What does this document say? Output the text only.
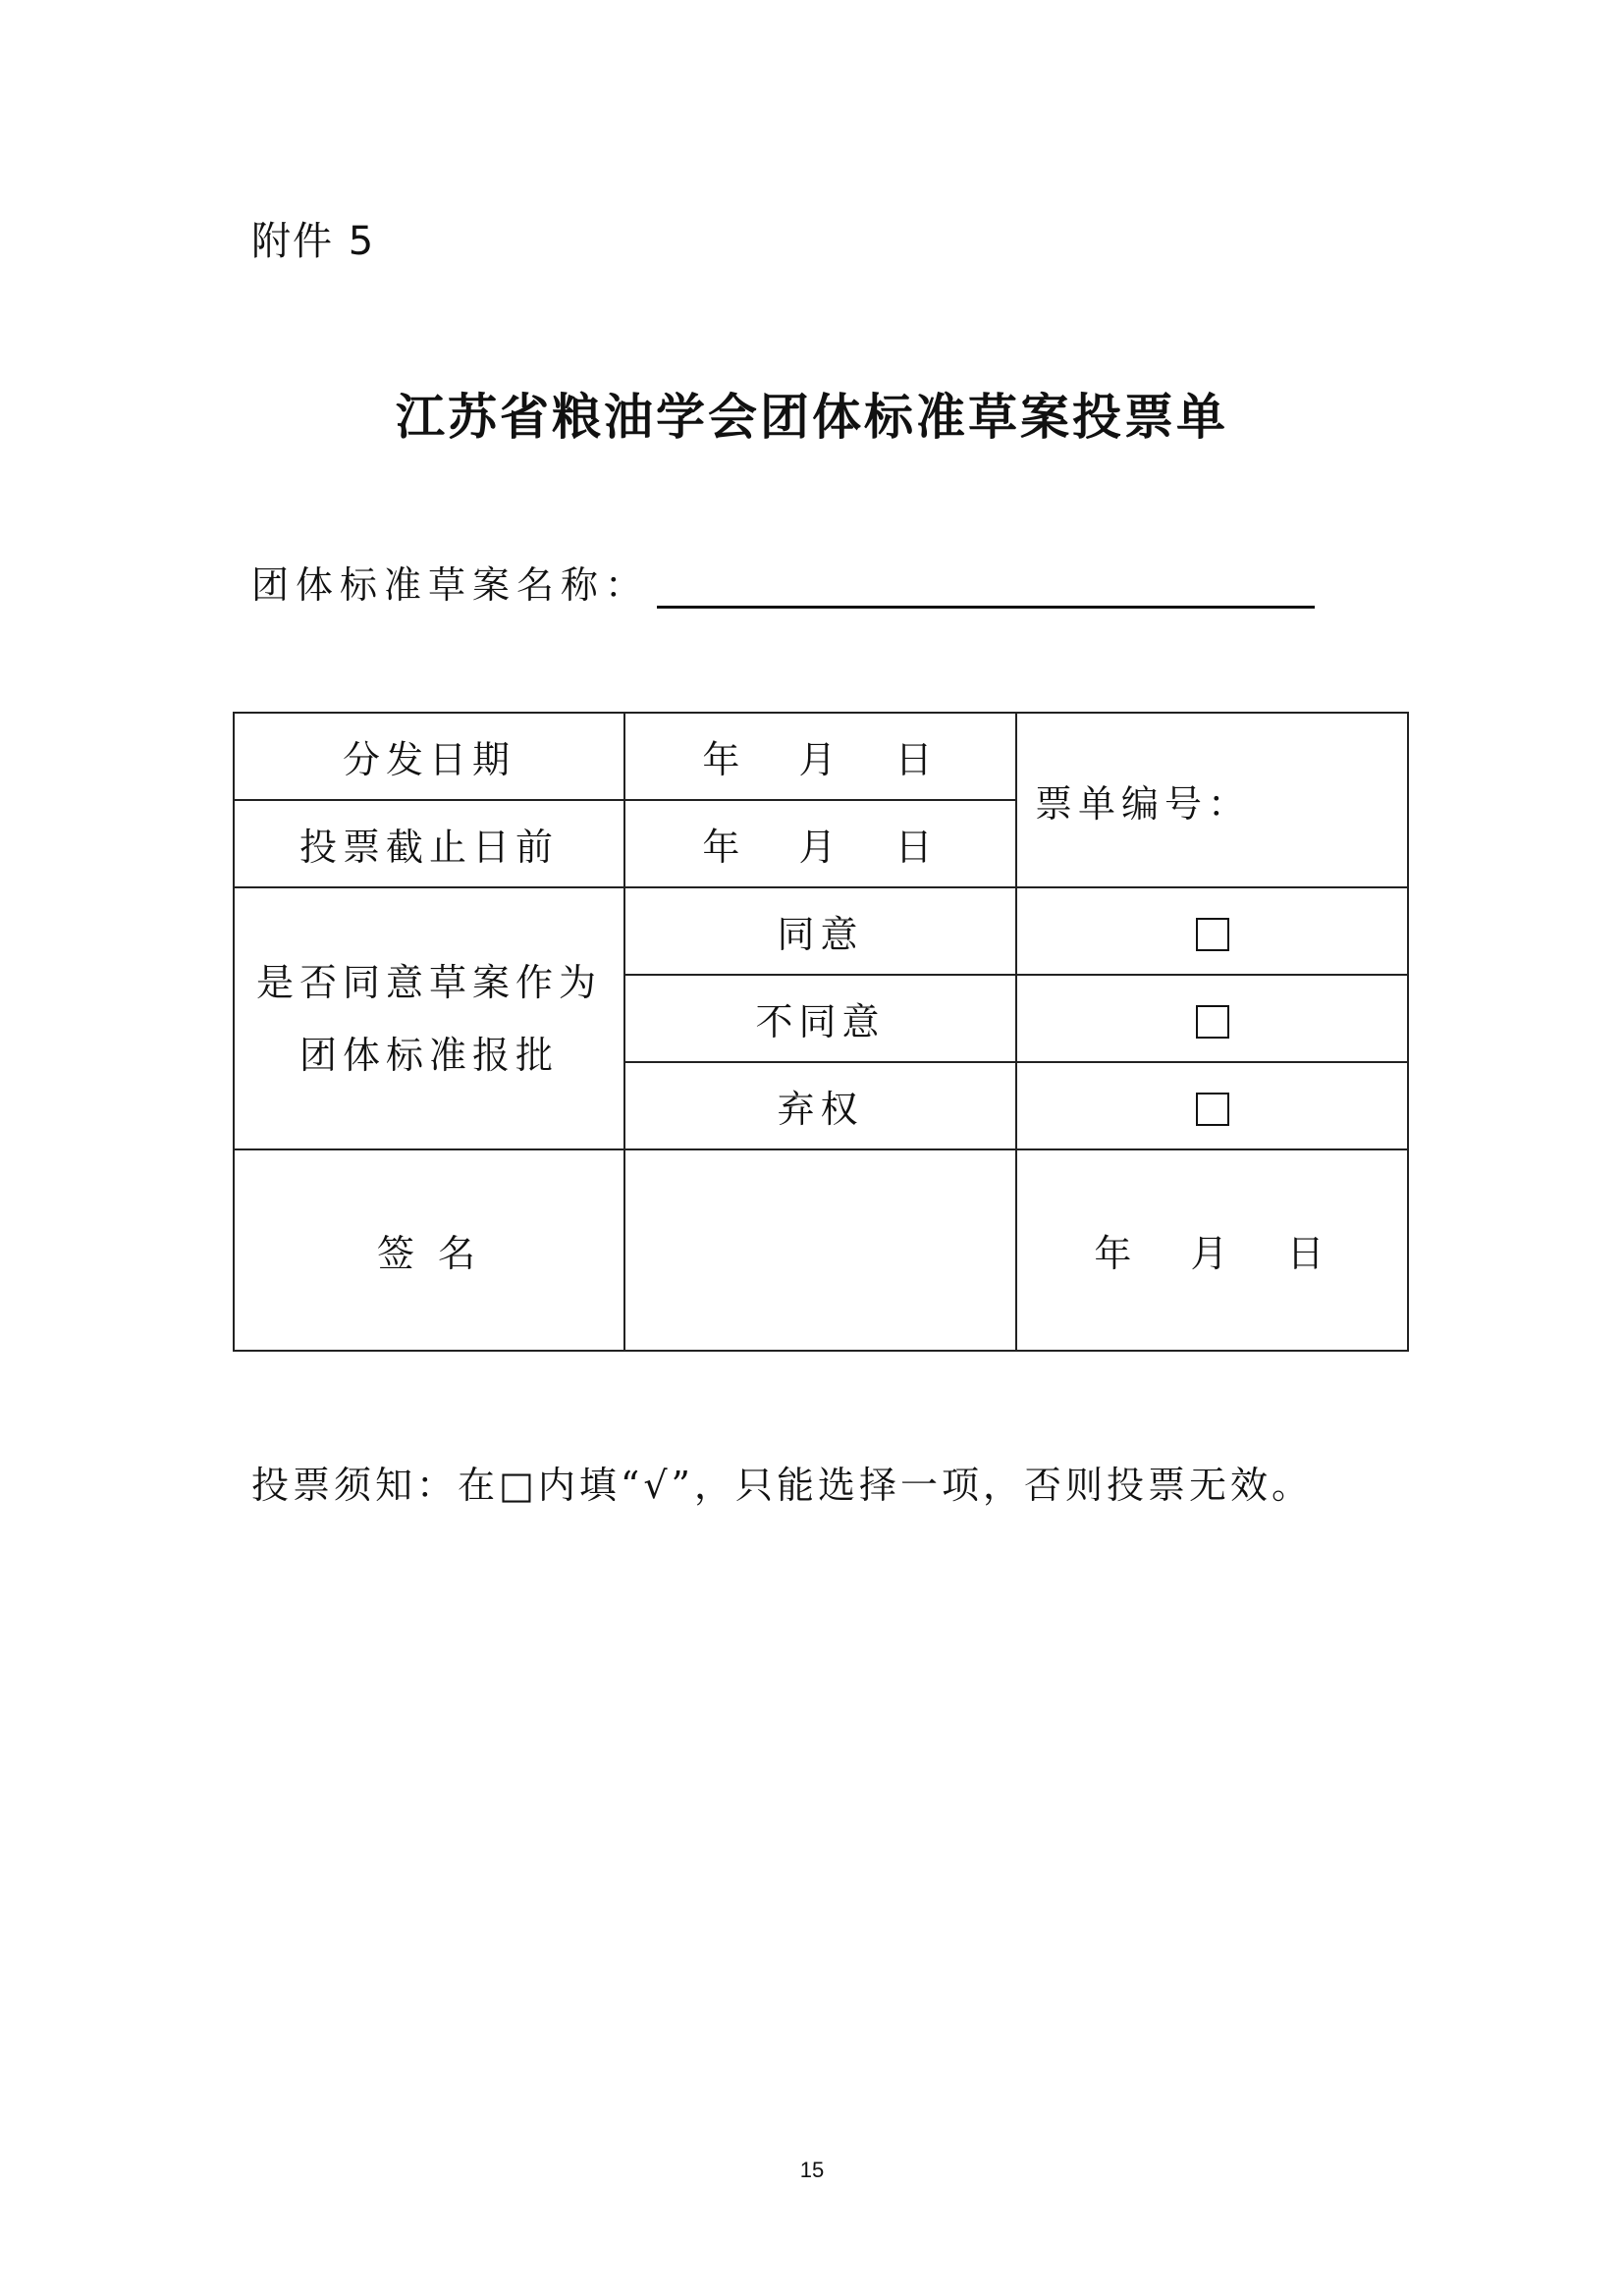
附件 5
江苏省粮油学会团体标准草案投票单
团体标准草案名称：
分发日期	年 月 日	票单编号：
投票截止日前	年 月 日	

是否同意草案作为
团体标准报批	同意	
	不同意	
	弃权	
签 名		年 月 日
投票须知：在□内填“√”，只能选择一项，否则投票无效。
15
